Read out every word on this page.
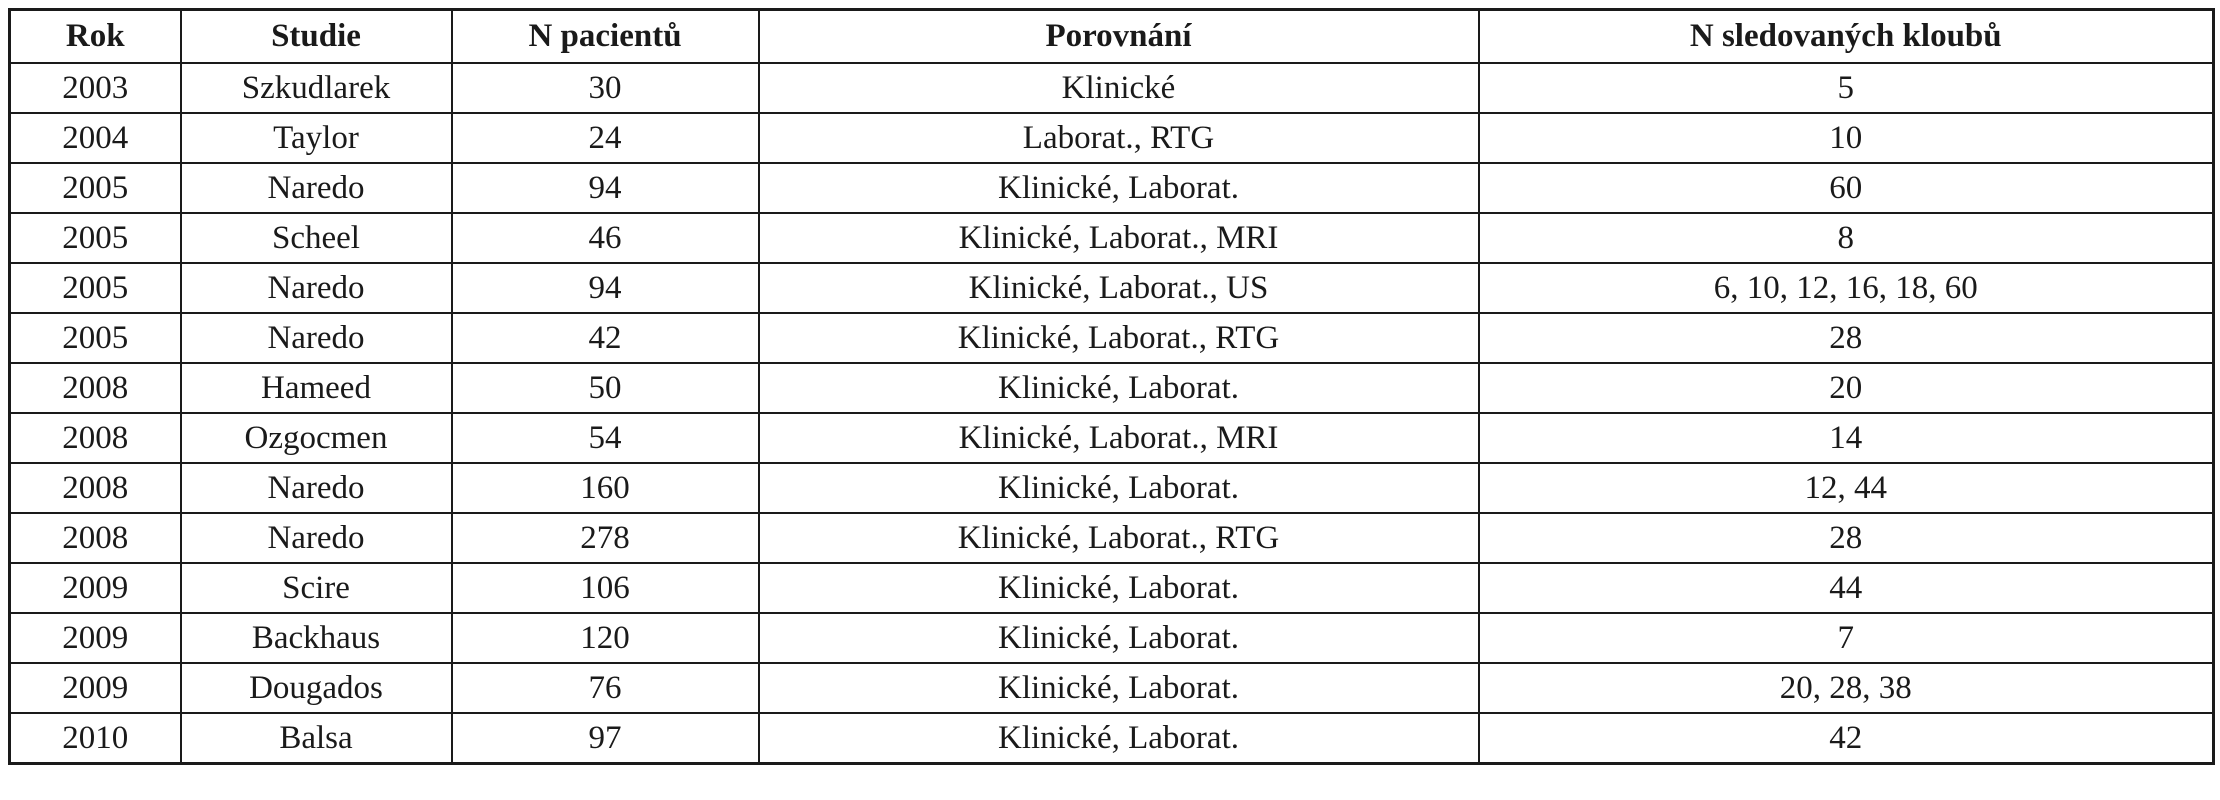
Rok	Studie	N pacientů	Porovnání	N sledovaných kloubů
2003	Szkudlarek	30	Klinické	5
2004	Taylor	24	Laborat., RTG	10
2005	Naredo	94	Klinické, Laborat.	60
2005	Scheel	46	Klinické, Laborat., MRI	8
2005	Naredo	94	Klinické, Laborat., US	6, 10, 12, 16, 18, 60
2005	Naredo	42	Klinické, Laborat., RTG	28
2008	Hameed	50	Klinické, Laborat.	20
2008	Ozgocmen	54	Klinické, Laborat., MRI	14
2008	Naredo	160	Klinické, Laborat.	12, 44
2008	Naredo	278	Klinické, Laborat., RTG	28
2009	Scire	106	Klinické, Laborat.	44
2009	Backhaus	120	Klinické, Laborat.	7
2009	Dougados	76	Klinické, Laborat.	20, 28, 38
2010	Balsa	97	Klinické, Laborat.	42
